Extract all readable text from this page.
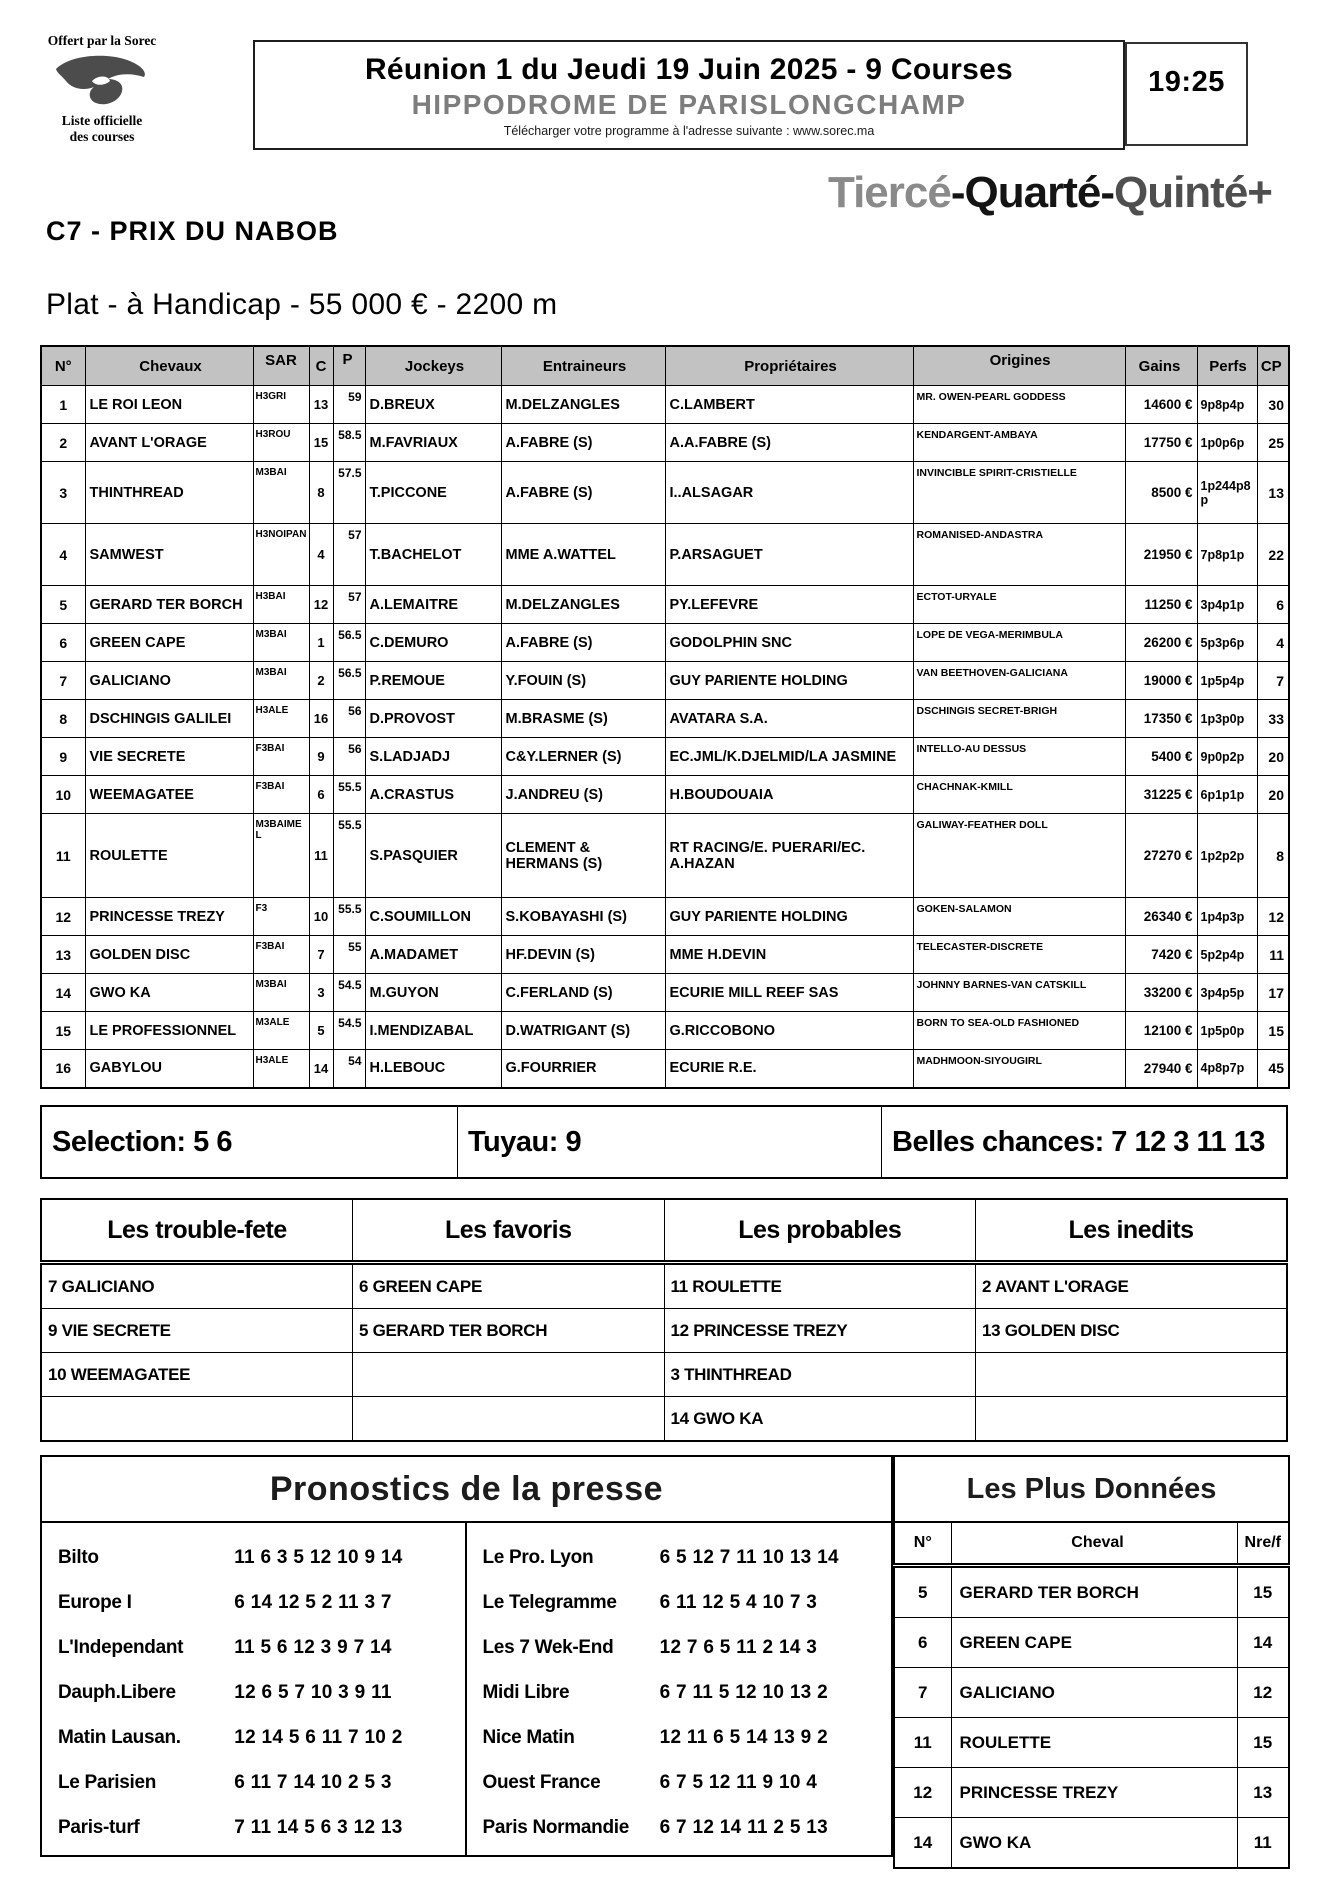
Offert par la Sorec
Liste officielle
des courses
Réunion 1 du Jeudi 19 Juin 2025 - 9 Courses
HIPPODROME DE PARISLONGCHAMP
Télécharger votre programme à l'adresse suivante : www.sorec.ma
19:25
Tiercé-Quarté-Quinté+
C7 - PRIX DU NABOB
Plat - à Handicap - 55 000 € - 2200 m
N°	Chevaux	SAR	C	P	Jockeys	Entraineurs	Propriétaires	Origines	Gains	Perfs	CP
1	LE ROI LEON	H3GRI	13	59	D.BREUX	M.DELZANGLES	C.LAMBERT	MR. OWEN-PEARL GODDESS	14600 €	9p8p4p	30
2	AVANT L'ORAGE	H3ROU	15	58.5	M.FAVRIAUX	A.FABRE (S)	A.A.FABRE (S)	KENDARGENT-AMBAYA	17750 €	1p0p6p	25
3	THINTHREAD	M3BAI	8	57.5	T.PICCONE	A.FABRE (S)	I..ALSAGAR	INVINCIBLE SPIRIT-CRISTIELLE	8500 €	1p244p8p	13
4	SAMWEST	H3NOIPAN	4	57	T.BACHELOT	MME A.WATTEL	P.ARSAGUET	ROMANISED-ANDASTRA	21950 €	7p8p1p	22
5	GERARD TER BORCH	H3BAI	12	57	A.LEMAITRE	M.DELZANGLES	PY.LEFEVRE	ECTOT-URYALE	11250 €	3p4p1p	6
6	GREEN CAPE	M3BAI	1	56.5	C.DEMURO	A.FABRE (S)	GODOLPHIN SNC	LOPE DE VEGA-MERIMBULA	26200 €	5p3p6p	4
7	GALICIANO	M3BAI	2	56.5	P.REMOUE	Y.FOUIN (S)	GUY PARIENTE HOLDING	VAN BEETHOVEN-GALICIANA	19000 €	1p5p4p	7
8	DSCHINGIS GALILEI	H3ALE	16	56	D.PROVOST	M.BRASME (S)	AVATARA S.A.	DSCHINGIS SECRET-BRIGH	17350 €	1p3p0p	33
9	VIE SECRETE	F3BAI	9	56	S.LADJADJ	C&Y.LERNER (S)	EC.JML/K.DJELMID/LA JASMINE	INTELLO-AU DESSUS	5400 €	9p0p2p	20
10	WEEMAGATEE	F3BAI	6	55.5	A.CRASTUS	J.ANDREU (S)	H.BOUDOUAIA	CHACHNAK-KMILL	31225 €	6p1p1p	20
11	ROULETTE	M3BAIMEL	11	55.5	S.PASQUIER	CLEMENT & HERMANS (S)	RT RACING/E. PUERARI/EC. A.HAZAN	GALIWAY-FEATHER DOLL	27270 €	1p2p2p	8
12	PRINCESSE TREZY	F3	10	55.5	C.SOUMILLON	S.KOBAYASHI (S)	GUY PARIENTE HOLDING	GOKEN-SALAMON	26340 €	1p4p3p	12
13	GOLDEN DISC	F3BAI	7	55	A.MADAMET	HF.DEVIN (S)	MME H.DEVIN	TELECASTER-DISCRETE	7420 €	5p2p4p	11
14	GWO KA	M3BAI	3	54.5	M.GUYON	C.FERLAND (S)	ECURIE MILL REEF SAS	JOHNNY BARNES-VAN CATSKILL	33200 €	3p4p5p	17
15	LE PROFESSIONNEL	M3ALE	5	54.5	I.MENDIZABAL	D.WATRIGANT (S)	G.RICCOBONO	BORN TO SEA-OLD FASHIONED	12100 €	1p5p0p	15
16	GABYLOU	H3ALE	14	54	H.LEBOUC	G.FOURRIER	ECURIE R.E.	MADHMOON-SIYOUGIRL	27940 €	4p8p7p	45
Selection: 5 6	Tuyau: 9	Belles chances: 7 12 3 11 13
Les trouble-fete	Les favoris	Les probables	Les inedits
7 GALICIANO	6 GREEN CAPE	11 ROULETTE	2 AVANT L'ORAGE
9 VIE SECRETE	5 GERARD TER BORCH	12 PRINCESSE TREZY	13 GOLDEN DISC
10 WEEMAGATEE		3 THINTHREAD	
		14 GWO KA	
Pronostics de la presse
Bilto	11 6 3 5 12 10 9 14
Europe I	6 14 12 5 2 11 3 7
L'Independant	11 5 6 12 3 9 7 14
Dauph.Libere	12 6 5 7 10 3 9 11
Matin Lausan.	12 14 5 6 11 7 10 2
Le Parisien	6 11 7 14 10 2 5 3
Paris-turf	7 11 14 5 6 3 12 13
Le Pro. Lyon	6 5 12 7 11 10 13 14
Le Telegramme	6 11 12 5 4 10 7 3
Les 7 Wek-End	12 7 6 5 11 2 14 3
Midi Libre	6 7 11 5 12 10 13 2
Nice Matin	12 11 6 5 14 13 9 2
Ouest France	6 7 5 12 11 9 10 4
Paris Normandie	6 7 12 14 11 2 5 13
Les Plus Données		
N°	Cheval	Nre/f
5	GERARD TER BORCH	15
6	GREEN CAPE	14
7	GALICIANO	12
11	ROULETTE	15
12	PRINCESSE TREZY	13
14	GWO KA	11
